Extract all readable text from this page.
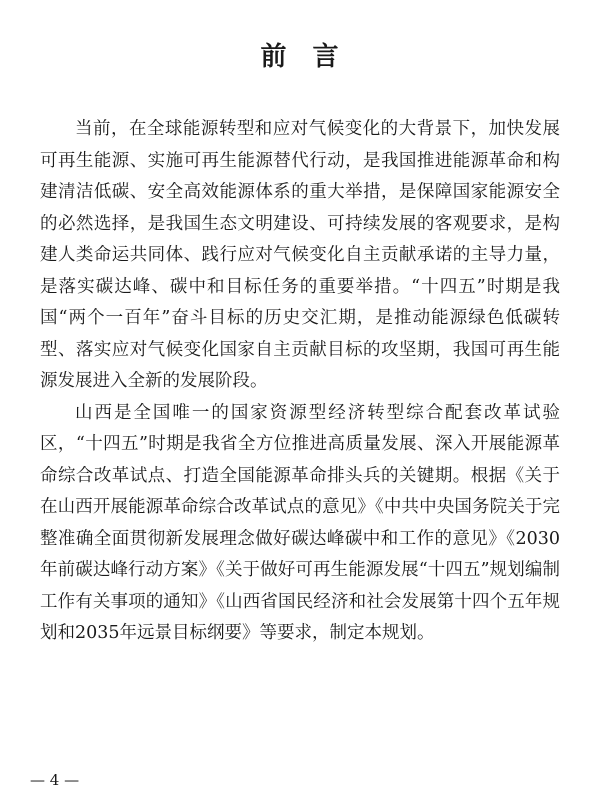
前言

当前，在全球能源转型和应对气候变化的大背景下，加快发展可再生能源、实施可再生能源替代行动，是我国推进能源革命和构建清洁低碳、安全高效能源体系的重大举措，是保障国家能源安全的必然选择，是我国生态文明建设、可持续发展的客观要求，是构建人类命运共同体、践行应对气候变化自主贡献承诺的主导力量，是落实碳达峰、碳中和目标任务的重要举措。“十四五”时期是我国“两个一百年”奋斗目标的历史交汇期，是推动能源绿色低碳转型、落实应对气候变化国家自主贡献目标的攻坚期，我国可再生能源发展进入全新的发展阶段。

山西是全国唯一的国家资源型经济转型综合配套改革试验区，“十四五”时期是我省全方位推进高质量发展、深入开展能源革命综合改革试点、打造全国能源革命排头兵的关键期。根据《关于在山西开展能源革命综合改革试点的意见》《中共中央国务院关于完整准确全面贯彻新发展理念做好碳达峰碳中和工作的意见》《2030年前碳达峰行动方案》《关于做好可再生能源发展“十四五”规划编制工作有关事项的通知》《山西省国民经济和社会发展第十四个五年规划和2035年远景目标纲要》等要求，制定本规划。

— 4 —
